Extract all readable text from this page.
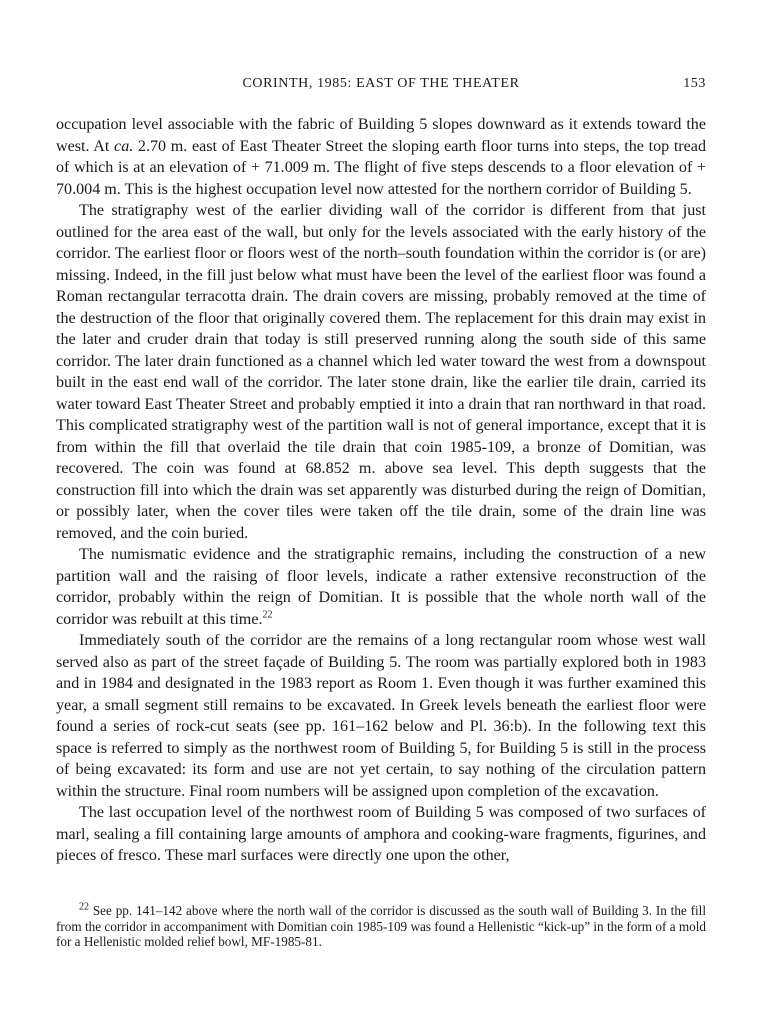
CORINTH, 1985: EAST OF THE THEATER	153

occupation level associable with the fabric of Building 5 slopes downward as it extends toward the west. At ca. 2.70 m. east of East Theater Street the sloping earth floor turns into steps, the top tread of which is at an elevation of + 71.009 m. The flight of five steps descends to a floor elevation of + 70.004 m. This is the highest occupation level now attested for the northern corridor of Building 5.

The stratigraphy west of the earlier dividing wall of the corridor is different from that just outlined for the area east of the wall, but only for the levels associated with the early history of the corridor. The earliest floor or floors west of the north–south foundation within the corridor is (or are) missing. Indeed, in the fill just below what must have been the level of the earliest floor was found a Roman rectangular terracotta drain. The drain covers are missing, probably removed at the time of the destruction of the floor that originally covered them. The replacement for this drain may exist in the later and cruder drain that today is still preserved running along the south side of this same corridor. The later drain functioned as a channel which led water toward the west from a downspout built in the east end wall of the corridor. The later stone drain, like the earlier tile drain, carried its water toward East Theater Street and probably emptied it into a drain that ran northward in that road. This complicated stratigraphy west of the partition wall is not of general importance, except that it is from within the fill that overlaid the tile drain that coin 1985-109, a bronze of Domitian, was recovered. The coin was found at 68.852 m. above sea level. This depth suggests that the construction fill into which the drain was set apparently was disturbed during the reign of Domitian, or possibly later, when the cover tiles were taken off the tile drain, some of the drain line was removed, and the coin buried.

The numismatic evidence and the stratigraphic remains, including the construction of a new partition wall and the raising of floor levels, indicate a rather extensive reconstruction of the corridor, probably within the reign of Domitian. It is possible that the whole north wall of the corridor was rebuilt at this time.$^{22}$

Immediately south of the corridor are the remains of a long rectangular room whose west wall served also as part of the street façade of Building 5. The room was partially explored both in 1983 and in 1984 and designated in the 1983 report as Room 1. Even though it was further examined this year, a small segment still remains to be excavated. In Greek levels beneath the earliest floor were found a series of rock-cut seats (see pp. 161–162 below and Pl. 36:b). In the following text this space is referred to simply as the northwest room of Building 5, for Building 5 is still in the process of being excavated: its form and use are not yet certain, to say nothing of the circulation pattern within the structure. Final room numbers will be assigned upon completion of the excavation.

The last occupation level of the northwest room of Building 5 was composed of two surfaces of marl, sealing a fill containing large amounts of amphora and cooking-ware fragments, figurines, and pieces of fresco. These marl surfaces were directly one upon the other,

$^{22}$ See pp. 141–142 above where the north wall of the corridor is discussed as the south wall of Building 3. In the fill from the corridor in accompaniment with Domitian coin 1985-109 was found a Hellenistic “kick-up” in the form of a mold for a Hellenistic molded relief bowl, MF-1985-81.
